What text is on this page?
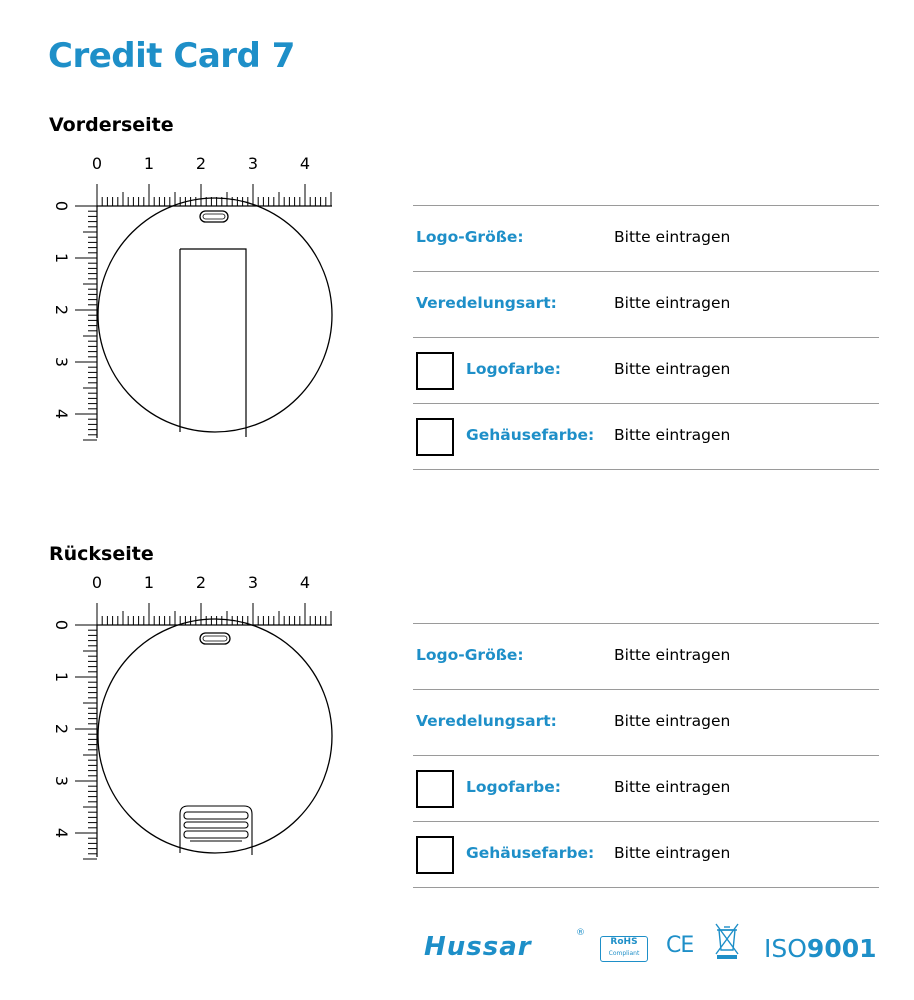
Credit Card 7
Vorderseite
0	1	2	3	4
0
1
2
3
4
Logo-Größe:	Bitte eintragen
Veredelungsart:	Bitte eintragen
Logofarbe:	Bitte eintragen
Gehäusefarbe: Bitte eintragen
Rückseite
0	1	2	3	4
0
1
2
3
4
Logo-Größe:	Bitte eintragen
Veredelungsart:	Bitte eintragen
Logofarbe:	Bitte eintragen
Gehäusefarbe: Bitte eintragen
Hussar	®
RoHS
Compliant	CE	ISO9001
